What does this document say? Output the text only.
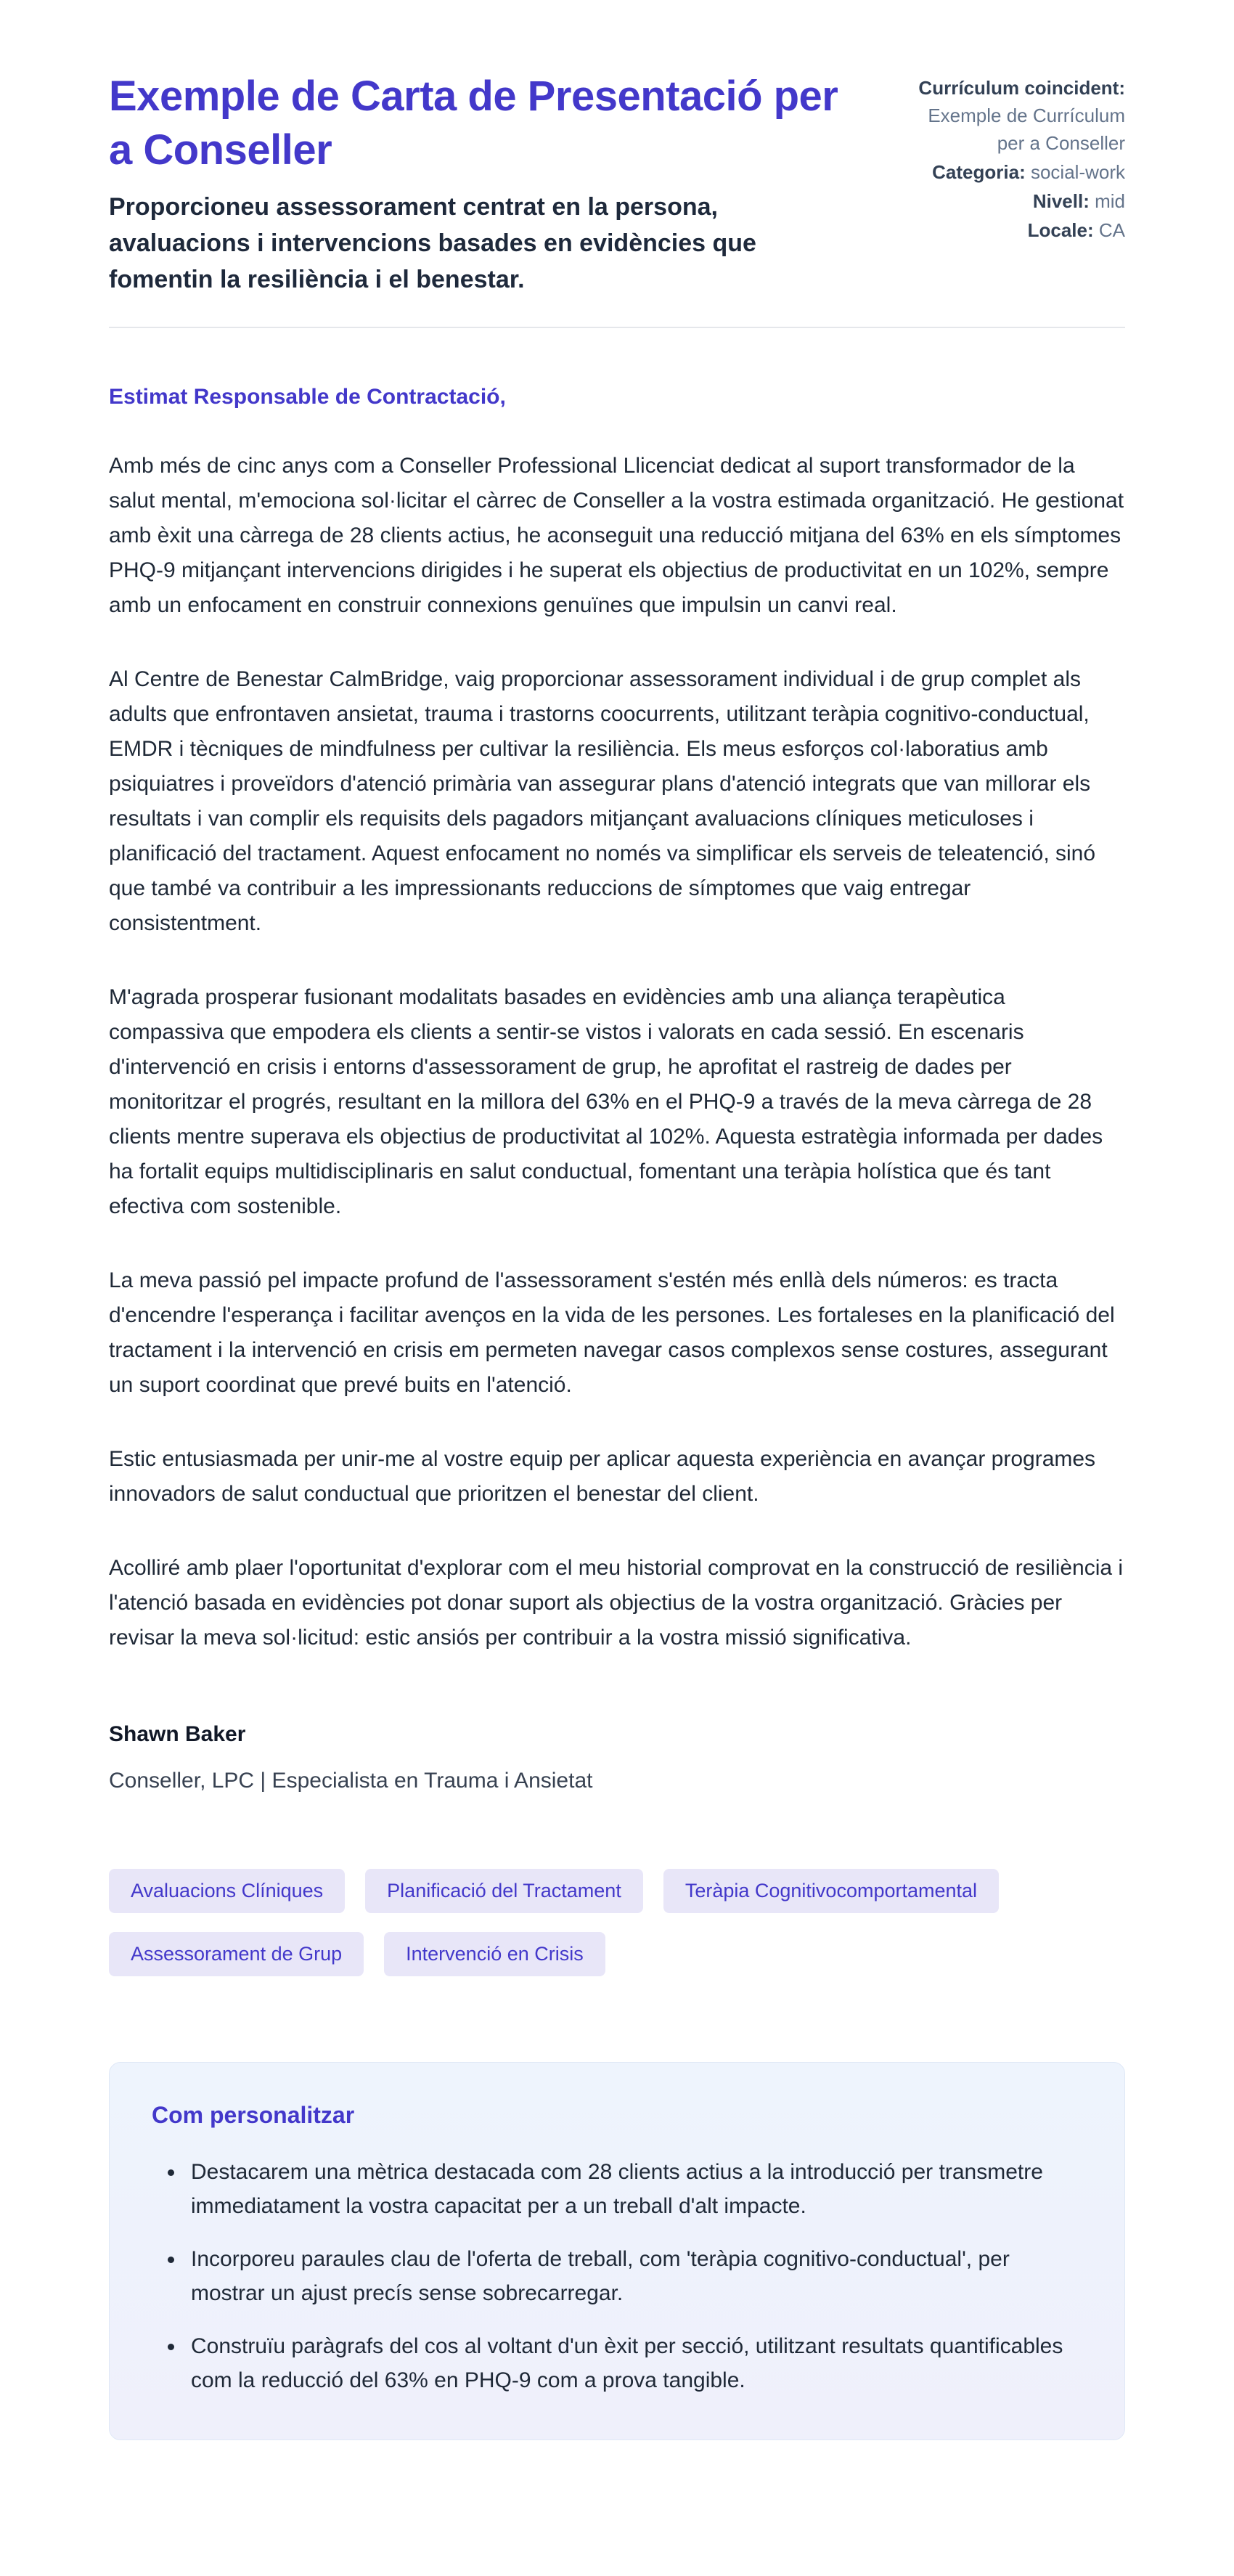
Exemple de Carta de Presentació per a Conseller

Proporcioneu assessorament centrat en la persona, avaluacions i intervencions basades en evidències que fomentin la resiliència i el benestar.

Currículum coincident:
Exemple de Currículum per a Conseller
Categoria: social-work
Nivell: mid
Locale: CA

Estimat Responsable de Contractació,

Amb més de cinc anys com a Conseller Professional Llicenciat dedicat al suport transformador de la salut mental, m'emociona sol·licitar el càrrec de Conseller a la vostra estimada organització. He gestionat amb èxit una càrrega de 28 clients actius, he aconseguit una reducció mitjana del 63% en els símptomes PHQ-9 mitjançant intervencions dirigides i he superat els objectius de productivitat en un 102%, sempre amb un enfocament en construir connexions genuïnes que impulsin un canvi real.

Al Centre de Benestar CalmBridge, vaig proporcionar assessorament individual i de grup complet als adults que enfrontaven ansietat, trauma i trastorns coocurrents, utilitzant teràpia cognitivo-conductual, EMDR i tècniques de mindfulness per cultivar la resiliència. Els meus esforços col·laboratius amb psiquiatres i proveïdors d'atenció primària van assegurar plans d'atenció integrats que van millorar els resultats i van complir els requisits dels pagadors mitjançant avaluacions clíniques meticuloses i planificació del tractament. Aquest enfocament no només va simplificar els serveis de teleatenció, sinó que també va contribuir a les impressionants reduccions de símptomes que vaig entregar consistentment.

M'agrada prosperar fusionant modalitats basades en evidències amb una aliança terapèutica compassiva que empodera els clients a sentir-se vistos i valorats en cada sessió. En escenaris d'intervenció en crisis i entorns d'assessorament de grup, he aprofitat el rastreig de dades per monitoritzar el progrés, resultant en la millora del 63% en el PHQ-9 a través de la meva càrrega de 28 clients mentre superava els objectius de productivitat al 102%. Aquesta estratègia informada per dades ha fortalit equips multidisciplinaris en salut conductual, fomentant una teràpia holística que és tant efectiva com sostenible.

La meva passió pel impacte profund de l'assessorament s'estén més enllà dels números: es tracta d'encendre l'esperança i facilitar avenços en la vida de les persones. Les fortaleses en la planificació del tractament i la intervenció en crisis em permeten navegar casos complexos sense costures, assegurant un suport coordinat que prevé buits en l'atenció.

Estic entusiasmada per unir-me al vostre equip per aplicar aquesta experiència en avançar programes innovadors de salut conductual que prioritzen el benestar del client.

Acolliré amb plaer l'oportunitat d'explorar com el meu historial comprovat en la construcció de resiliència i l'atenció basada en evidències pot donar suport als objectius de la vostra organització. Gràcies per revisar la meva sol·licitud: estic ansiós per contribuir a la vostra missió significativa.

Shawn Baker

Conseller, LPC | Especialista en Trauma i Ansietat

Avaluacions Clíniques	Planificació del Tractament	Teràpia Cognitivocomportamental
Assessorament de Grup	Intervenció en Crisis
Com personalitzar
• Destacarem una mètrica destacada com 28 clients actius a la introducció per transmetre immediatament la vostra capacitat per a un treball d'alt impacte.
• Incorporeu paraules clau de l'oferta de treball, com 'teràpia cognitivo-conductual', per mostrar un ajust precís sense sobrecarregar.
• Construïu paràgrafs del cos al voltant d'un èxit per secció, utilitzant resultats quantificables com la reducció del 63% en PHQ-9 com a prova tangible.
